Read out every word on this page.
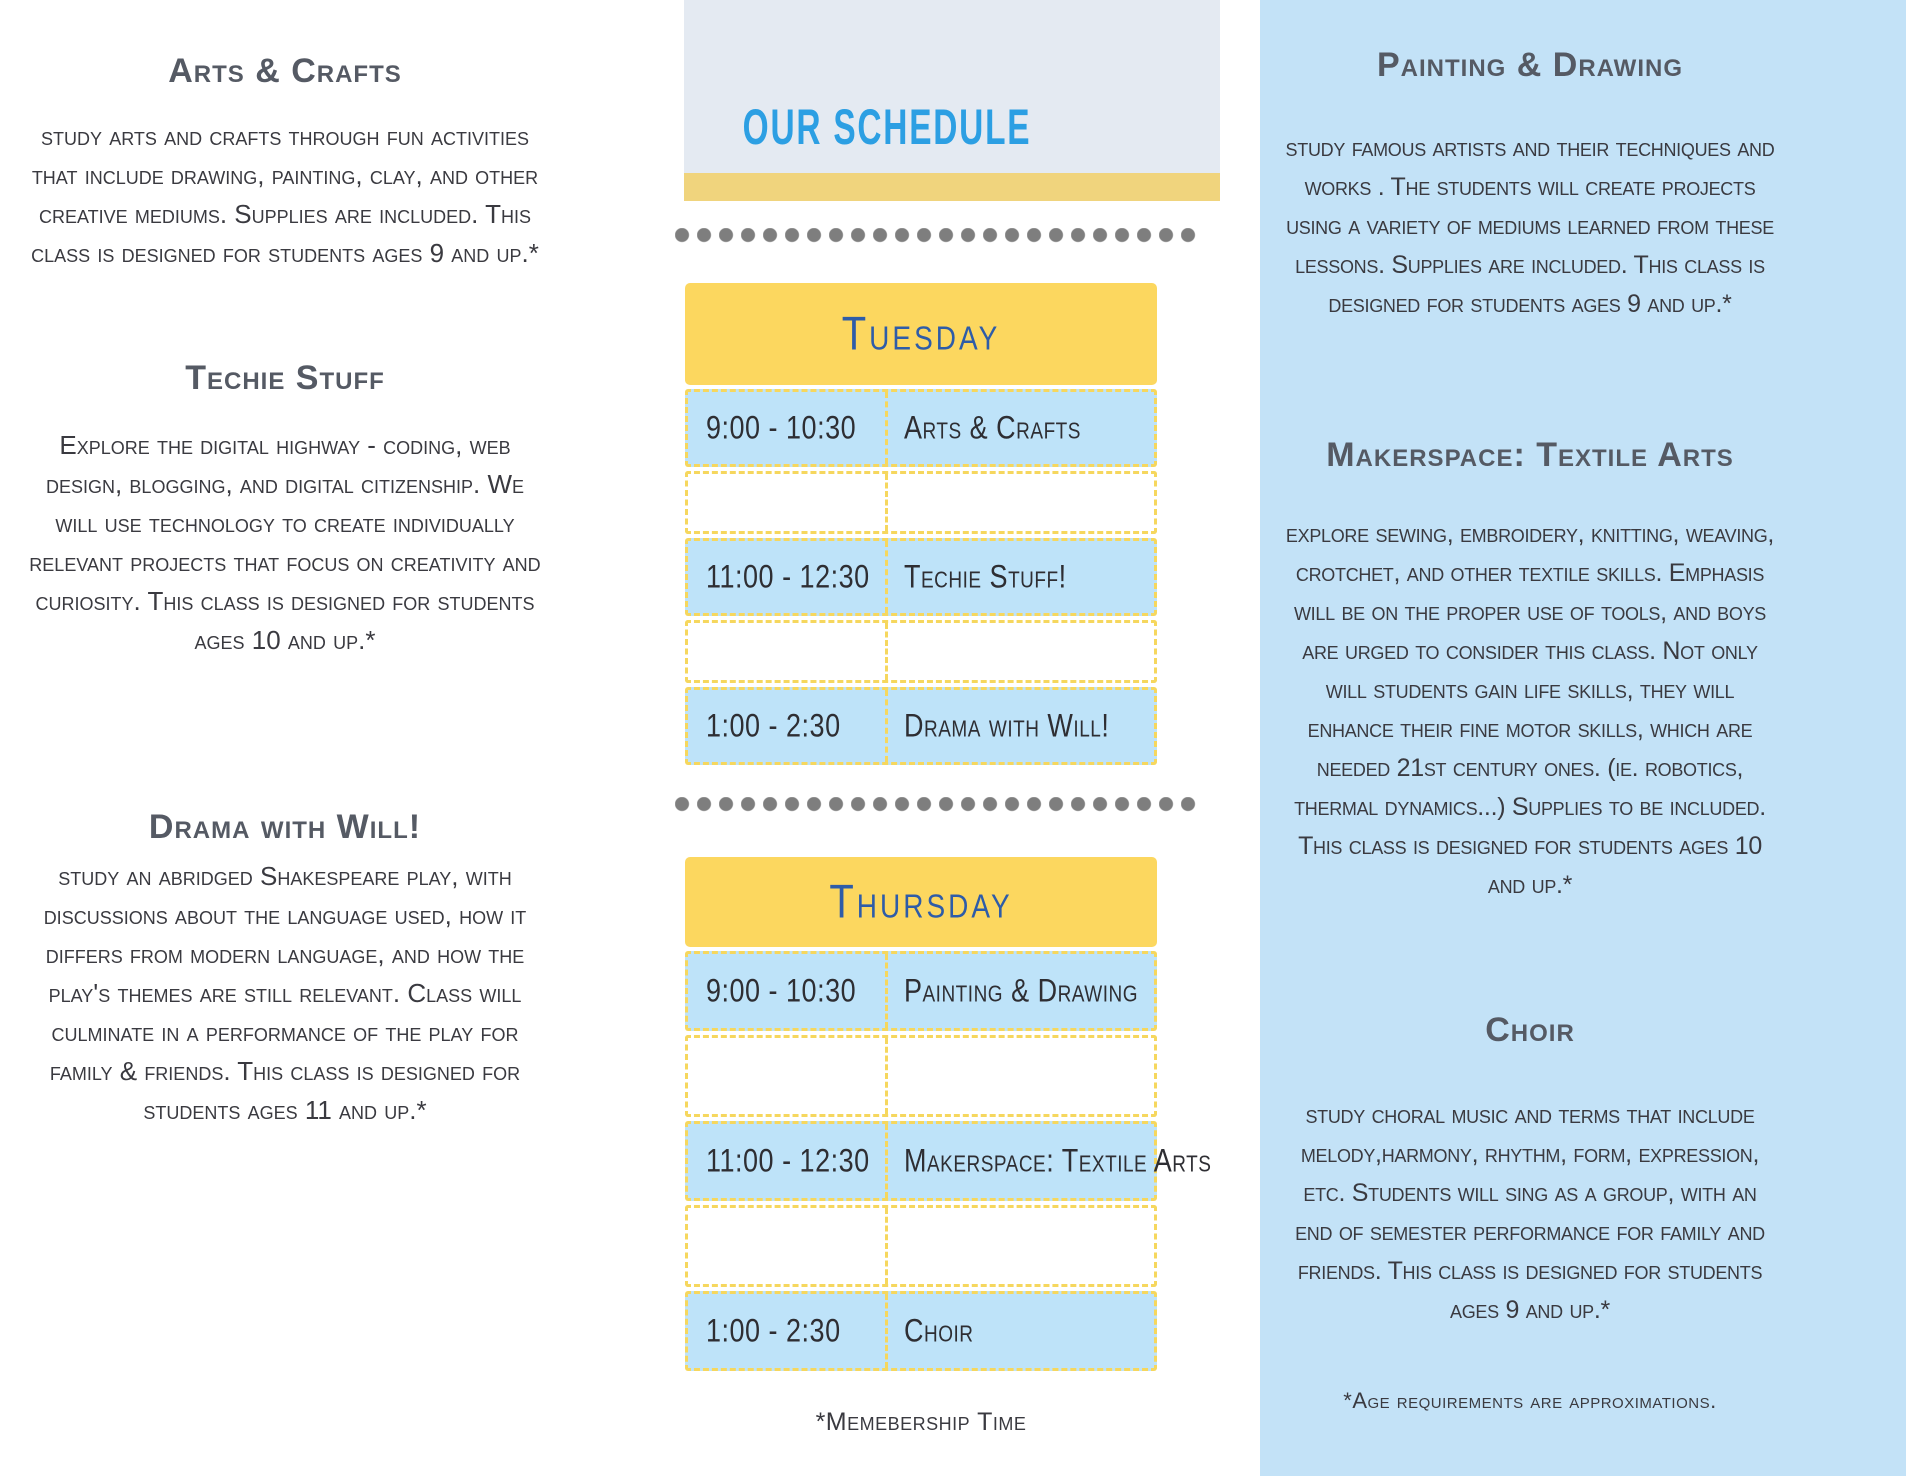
Arts & Crafts

study arts and crafts through fun activities that include drawing, painting, clay, and other creative mediums. Supplies are included. This class is designed for students ages 9 and up.*

Techie Stuff

Explore the digital highway - coding, web design, blogging, and digital citizenship. We will use technology to create individually relevant projects that focus on creativity and curiosity. This class is designed for students ages 10 and up.*

Drama with Will!

study an abridged Shakespeare play, with discussions about the language used, how it differs from modern language, and how the play's themes are still relevant. Class will culminate in a performance of the play for family & friends. This class is designed for students ages 11 and up.*

OUR SCHEDULE
Tuesday
9:00 - 10:30 Arts & Crafts
11:00 - 12:30 Techie Stuff!
1:00 - 2:30 Drama with Will!
Thursday
9:00 - 10:30 Painting & Drawing
11:00 - 12:30 Makerspace: Textile Arts
1:00 - 2:30 Choir
*Memebership Time
Painting & Drawing

study famous artists and their techniques and works . The students will create projects using a variety of mediums learned from these lessons. Supplies are included. This class is designed for students ages 9 and up.*

Makerspace: Textile Arts

explore sewing, embroidery, knitting, weaving, crotchet, and other textile skills. Emphasis will be on the proper use of tools, and boys are urged to consider this class. Not only will students gain life skills, they will enhance their fine motor skills, which are needed 21st century ones. (ie. robotics, thermal dynamics...) Supplies to be included. This class is designed for students ages 10 and up.*

Choir

study choral music and terms that include melody,harmony, rhythm, form, expression, etc. Students will sing as a group, with an end of semester performance for family and friends. This class is designed for students ages 9 and up.*

*Age requirements are approximations.
